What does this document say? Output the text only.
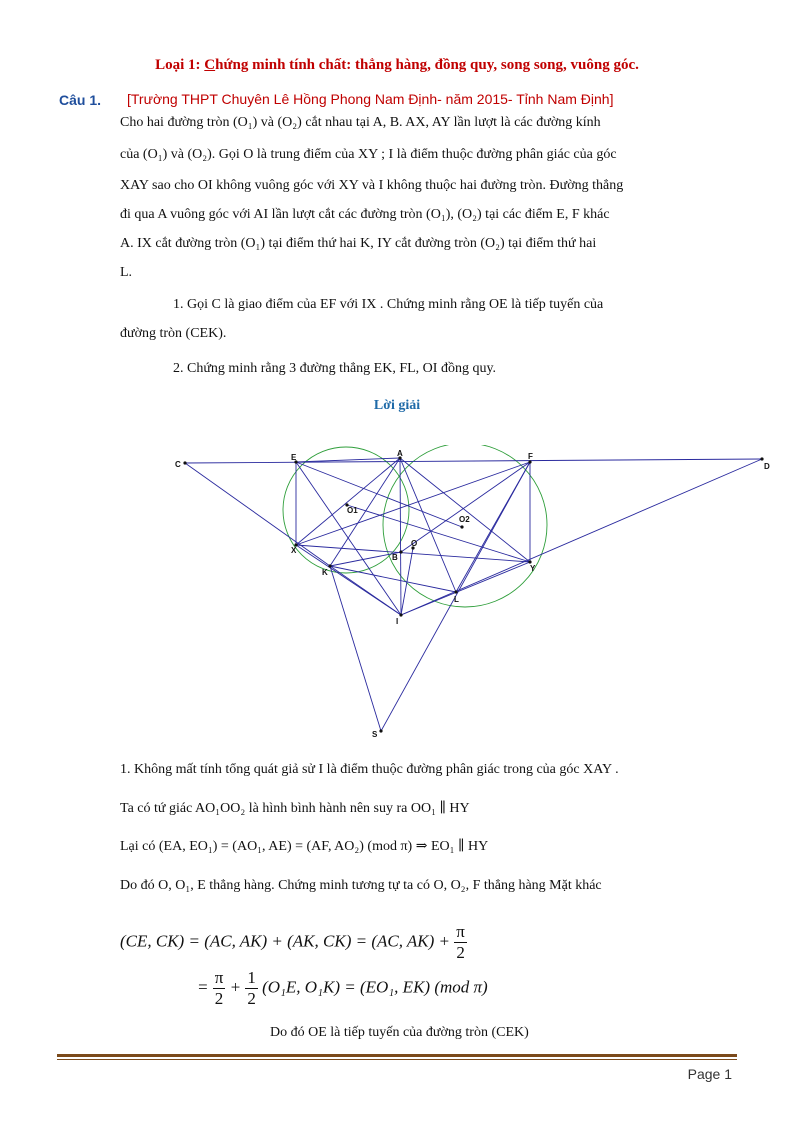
Loại 1: Chứng minh tính chất: thẳng hàng, đồng quy, song song, vuông góc.
Câu 1. [Trường THPT Chuyên Lê Hồng Phong Nam Định- năm 2015- Tỉnh Nam Định]
Cho hai đường tròn (O₁) và (O₂) cắt nhau tại A, B. AX, AY lần lượt là các đường kính
của (O₁) và (O₂). Gọi O là trung điểm của XY ; I là điểm thuộc đường phân giác của góc
XAY sao cho OI không vuông góc với XY và I không thuộc hai đường tròn. Đường thẳng
đi qua A vuông góc với AI lần lượt cắt các đường tròn (O₁), (O₂) tại các điểm E, F khác
A. IX cắt đường tròn (O₁) tại điểm thứ hai K, IY cắt đường tròn (O₂) tại điểm thứ hai
L.
1. Gọi C là giao điểm của EF với IX . Chứng minh rằng OE là tiếp tuyến của
đường tròn (CEK).
2. Chứng minh rằng 3 đường thẳng EK, FL, OI đồng quy.
Lời giải
C
E	A	F
D
O1
O2
O
B
X
K	Y
L
I
S
1. Không mất tính tổng quát giả sử I là điểm thuộc đường phân giác trong của góc XAY .
Ta có tứ giác AO₁OO₂ là hình bình hành nên suy ra OO₁ ∥ HY
Lại có (EA, EO₁) = (AO₁, AE) = (AF, AO₂) (mod π) ⇒ EO₁ ∥ HY
Do đó O, O₁, E thẳng hàng. Chứng minh tương tự ta có O, O₂, F thẳng hàng Mặt khác
(CE, CK) = (AC, AK) + (AK, CK) = (AC, $AK) + \frac{\pi}{2}$
= $\frac{\pi}{2} + \frac{1}{2} (O_1E$, O₁K) = (EO₁, EK) (mod π)
Do đó OE là tiếp tuyến của đường tròn (CEK)
Page 1
